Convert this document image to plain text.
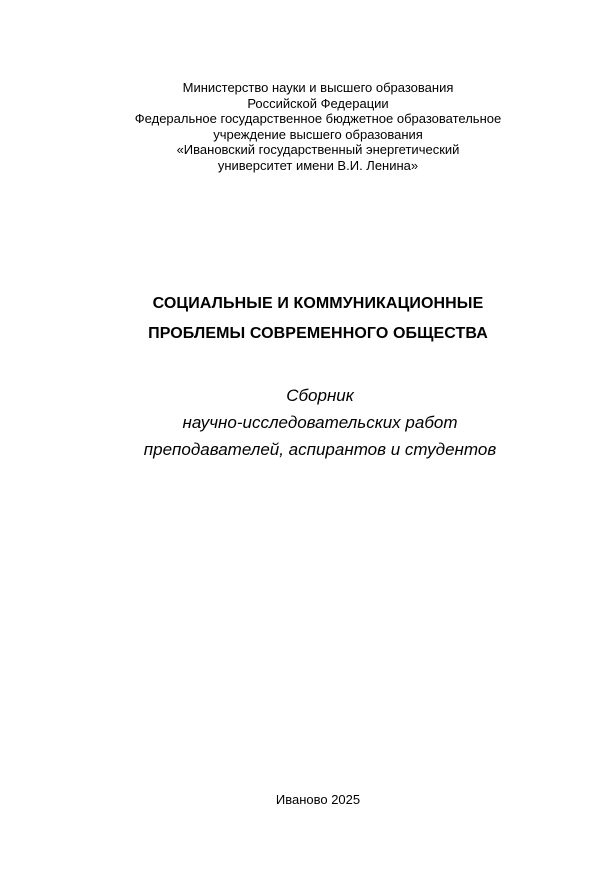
Министерство науки и высшего образования
Российской Федерации
Федеральное государственное бюджетное образовательное
учреждение высшего образования
«Ивановский государственный энергетический
университет имени В.И. Ленина»
СОЦИАЛЬНЫЕ И КОММУНИКАЦИОННЫЕ
ПРОБЛЕМЫ СОВРЕМЕННОГО ОБЩЕСТВА
Сборник
научно-исследовательских работ
преподавателей, аспирантов и студентов
Иваново 2025
